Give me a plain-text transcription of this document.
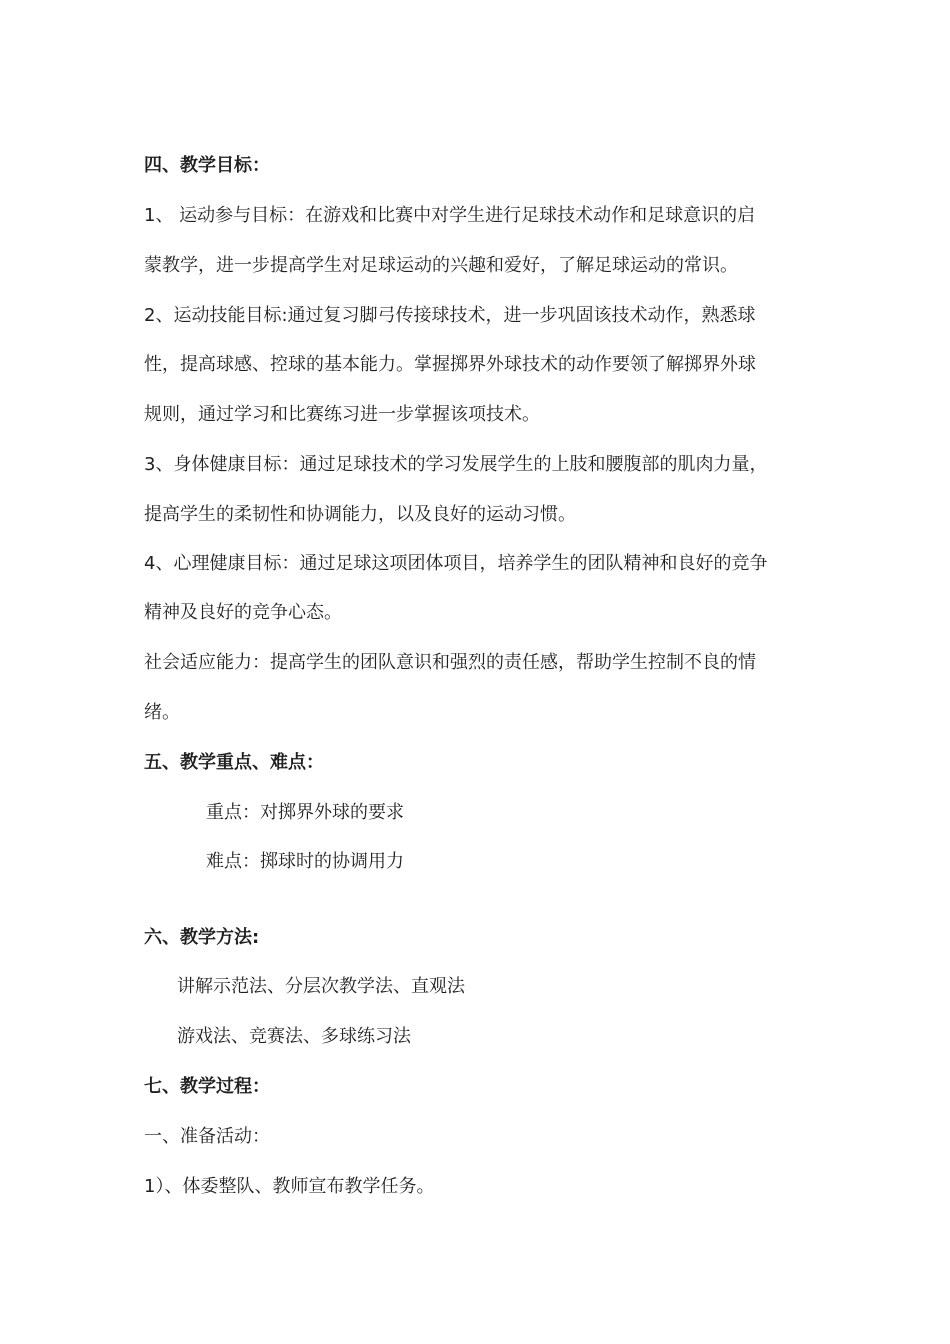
四、教学目标：
1、 运动参与目标：在游戏和比赛中对学生进行足球技术动作和足球意识的启
蒙教学，进一步提高学生对足球运动的兴趣和爱好，了解足球运动的常识。
2、运动技能目标:通过复习脚弓传接球技术，进一步巩固该技术动作，熟悉球
性，提高球感、控球的基本能力。掌握掷界外球技术的动作要领了解掷界外球
规则，通过学习和比赛练习进一步掌握该项技术。
3、身体健康目标：通过足球技术的学习发展学生的上肢和腰腹部的肌肉力量，
提高学生的柔韧性和协调能力，以及良好的运动习惯。
4、心理健康目标：通过足球这项团体项目，培养学生的团队精神和良好的竞争
精神及良好的竞争心态。
社会适应能力：提高学生的团队意识和强烈的责任感，帮助学生控制不良的情
绪。
五、教学重点、难点：
重点：对掷界外球的要求
难点：掷球时的协调用力
六、教学方法:
讲解示范法、分层次教学法、直观法
游戏法、竞赛法、多球练习法
七、教学过程：
一、准备活动：
1）、体委整队、教师宣布教学任务。
